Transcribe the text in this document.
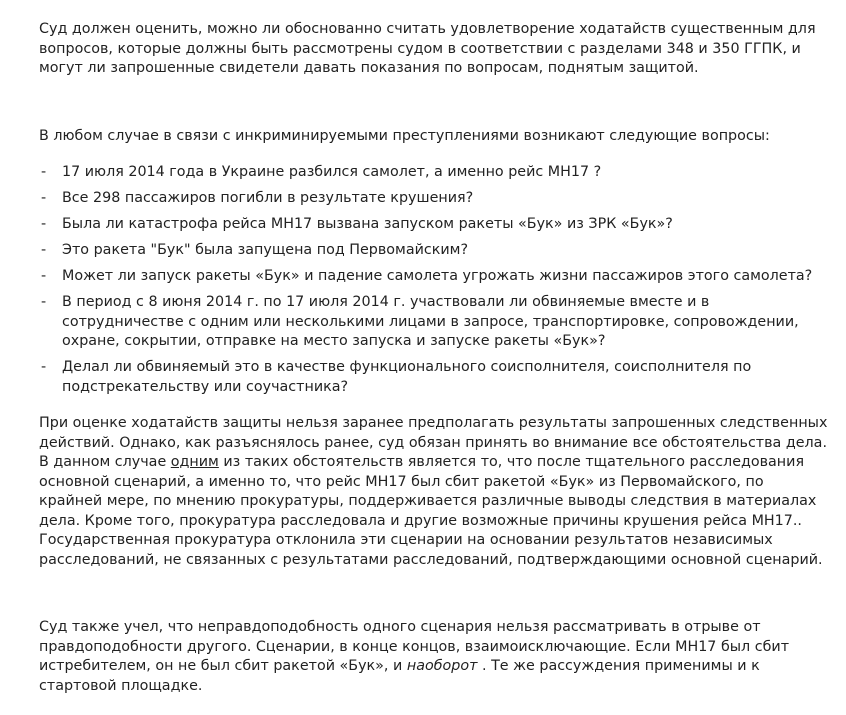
Суд должен оценить, можно ли обоснованно считать удовлетворение ходатайств существенным для вопросов, которые должны быть рассмотрены судом в соответствии с разделами 348 и 350 ГГПК, и могут ли запрошенные свидетели давать показания по вопросам, поднятым защитой.

В любом случае в связи с инкриминируемыми преступлениями возникают следующие вопросы:

- 17 июля 2014 года в Украине разбился самолет, а именно рейс MH17 ?
- Все 298 пассажиров погибли в результате крушения?
- Была ли катастрофа рейса MH17 вызвана запуском ракеты «Бук» из ЗРК «Бук»?
- Это ракета "Бук" была запущена под Первомайским?
- Может ли запуск ракеты «Бук» и падение самолета угрожать жизни пассажиров этого самолета?
- В период с 8 июня 2014 г. по 17 июля 2014 г. участвовали ли обвиняемые вместе и в сотрудничестве с одним или несколькими лицами в запросе, транспортировке, сопровождении, охране, сокрытии, отправке на место запуска и запуске ракеты «Бук»?
- Делал ли обвиняемый это в качестве функционального соисполнителя, соисполнителя по подстрекательству или соучастника?

При оценке ходатайств защиты нельзя заранее предполагать результаты запрошенных следственных действий. Однако, как разъяснялось ранее, суд обязан принять во внимание все обстоятельства дела. В данном случае одним из таких обстоятельств является то, что после тщательного расследования основной сценарий, а именно то, что рейс MH17 был сбит ракетой «Бук» из Первомайского, по крайней мере, по мнению прокуратуры, поддерживается различные выводы следствия в материалах дела. Кроме того, прокуратура расследовала и другие возможные причины крушения рейса MH17.. Государственная прокуратура отклонила эти сценарии на основании результатов независимых расследований, не связанных с результатами расследований, подтверждающими основной сценарий.

Суд также учел, что неправдоподобность одного сценария нельзя рассматривать в отрыве от правдоподобности другого. Сценарии, в конце концов, взаимоисключающие. Если MH17 был сбит истребителем, он не был сбит ракетой «Бук», и наоборот . Те же рассуждения применимы и к стартовой площадке.
